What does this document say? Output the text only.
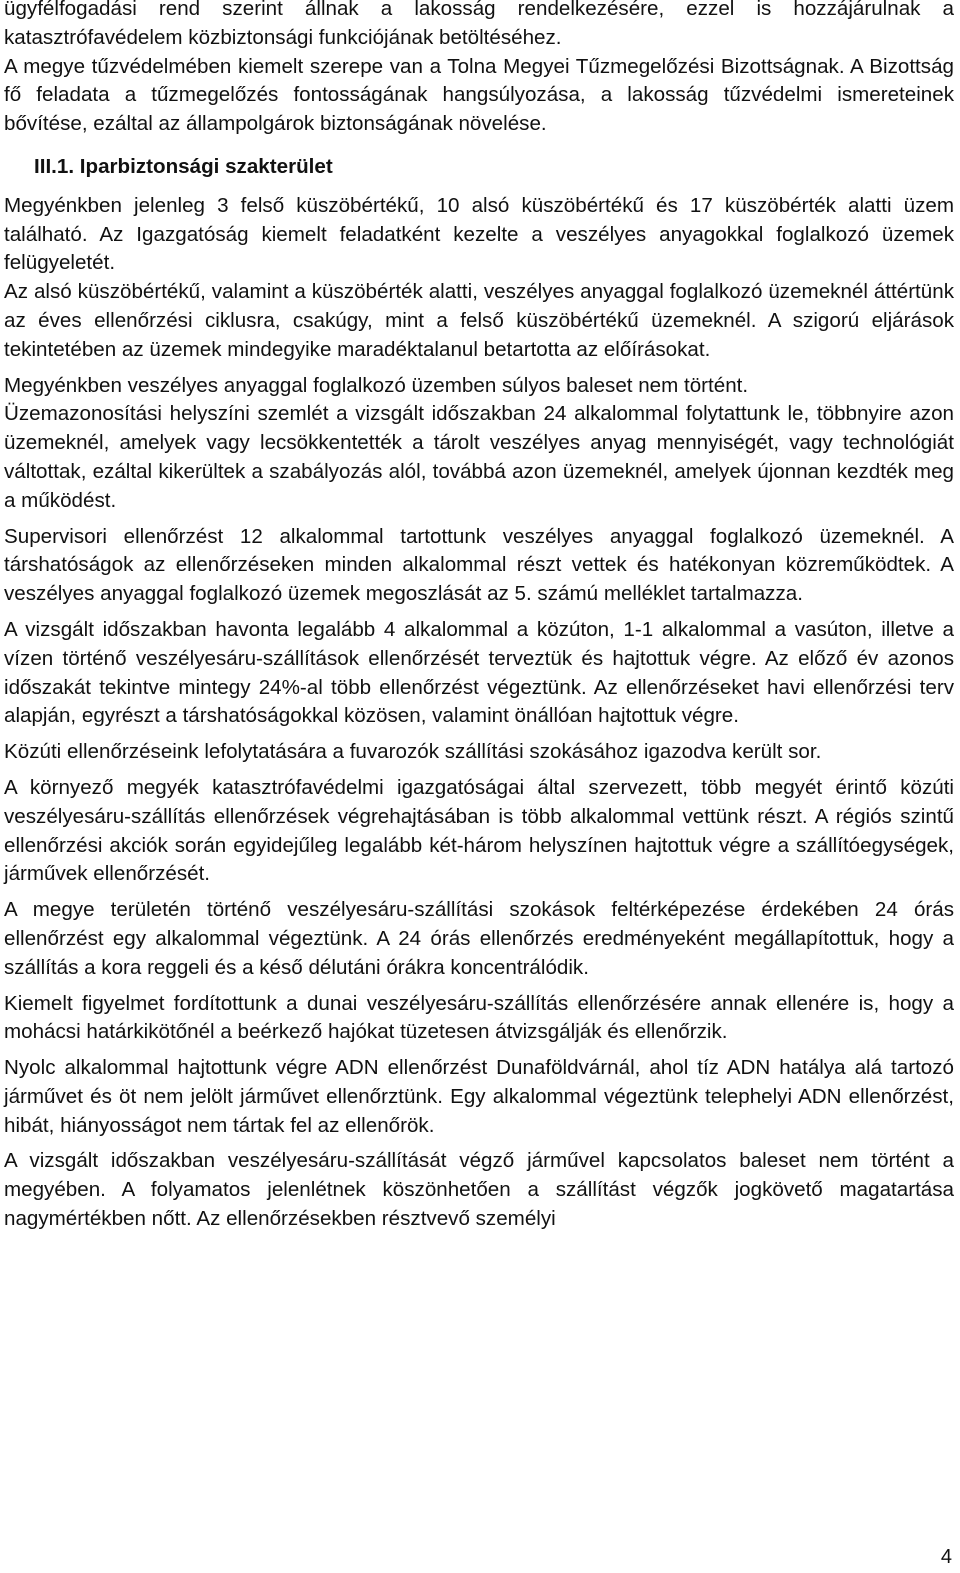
ügyfélfogadási rend szerint állnak a lakosság rendelkezésére, ezzel is hozzájárulnak a katasztrófavédelem közbiztonsági funkciójának betöltéséhez.

A megye tűzvédelmében kiemelt szerepe van a Tolna Megyei Tűzmegelőzési Bizottságnak. A Bizottság fő feladata a tűzmegelőzés fontosságának hangsúlyozása, a lakosság tűzvédelmi ismereteinek bővítése, ezáltal az állampolgárok biztonságának növelése.

III.1. Iparbiztonsági szakterület

Megyénkben jelenleg 3 felső küszöbértékű, 10 alsó küszöbértékű és 17 küszöbérték alatti üzem található. Az Igazgatóság kiemelt feladatként kezelte a veszélyes anyagokkal foglalkozó üzemek felügyeletét.

Az alsó küszöbértékű, valamint a küszöbérték alatti, veszélyes anyaggal foglalkozó üzemeknél áttértünk az éves ellenőrzési ciklusra, csakúgy, mint a felső küszöbértékű üzemeknél. A szigorú eljárások tekintetében az üzemek mindegyike maradéktalanul betartotta az előírásokat.

Megyénkben veszélyes anyaggal foglalkozó üzemben súlyos baleset nem történt.

Üzemazonosítási helyszíni szemlét a vizsgált időszakban 24 alkalommal folytattunk le, többnyire azon üzemeknél, amelyek vagy lecsökkentették a tárolt veszélyes anyag mennyiségét, vagy technológiát váltottak, ezáltal kikerültek a szabályozás alól, továbbá azon üzemeknél, amelyek újonnan kezdték meg a működést.

Supervisori ellenőrzést 12 alkalommal tartottunk veszélyes anyaggal foglalkozó üzemeknél. A társhatóságok az ellenőrzéseken minden alkalommal részt vettek és hatékonyan közreműködtek. A veszélyes anyaggal foglalkozó üzemek megoszlását az 5. számú melléklet tartalmazza.

A vizsgált időszakban havonta legalább 4 alkalommal a közúton, 1-1 alkalommal a vasúton, illetve a vízen történő veszélyesáru-szállítások ellenőrzését terveztük és hajtottuk végre. Az előző év azonos időszakát tekintve mintegy 24%-al több ellenőrzést végeztünk. Az ellenőrzéseket havi ellenőrzési terv alapján, egyrészt a társhatóságokkal közösen, valamint önállóan hajtottuk végre.

Közúti ellenőrzéseink lefolytatására a fuvarozók szállítási szokásához igazodva került sor.

A környező megyék katasztrófavédelmi igazgatóságai által szervezett, több megyét érintő közúti veszélyesáru-szállítás ellenőrzések végrehajtásában is több alkalommal vettünk részt. A régiós szintű ellenőrzési akciók során egyidejűleg legalább két-három helyszínen hajtottuk végre a szállítóegységek, járművek ellenőrzését.

A megye területén történő veszélyesáru-szállítási szokások feltérképezése érdekében 24 órás ellenőrzést egy alkalommal végeztünk. A 24 órás ellenőrzés eredményeként megállapítottuk, hogy a szállítás a kora reggeli és a késő délutáni órákra koncentrálódik.

Kiemelt figyelmet fordítottunk a dunai veszélyesáru-szállítás ellenőrzésére annak ellenére is, hogy a mohácsi határkikötőnél a beérkező hajókat tüzetesen átvizsgálják és ellenőrzik.

Nyolc alkalommal hajtottunk végre ADN ellenőrzést Dunaföldvárnál, ahol tíz ADN hatálya alá tartozó járművet és öt nem jelölt járművet ellenőrztünk. Egy alkalommal végeztünk telephelyi ADN ellenőrzést, hibát, hiányosságot nem tártak fel az ellenőrök.

A vizsgált időszakban veszélyesáru-szállítását végző járművel kapcsolatos baleset nem történt a megyében. A folyamatos jelenlétnek köszönhetően a szállítást végzők jogkövető magatartása nagymértékben nőtt. Az ellenőrzésekben résztvevő személyi

4
